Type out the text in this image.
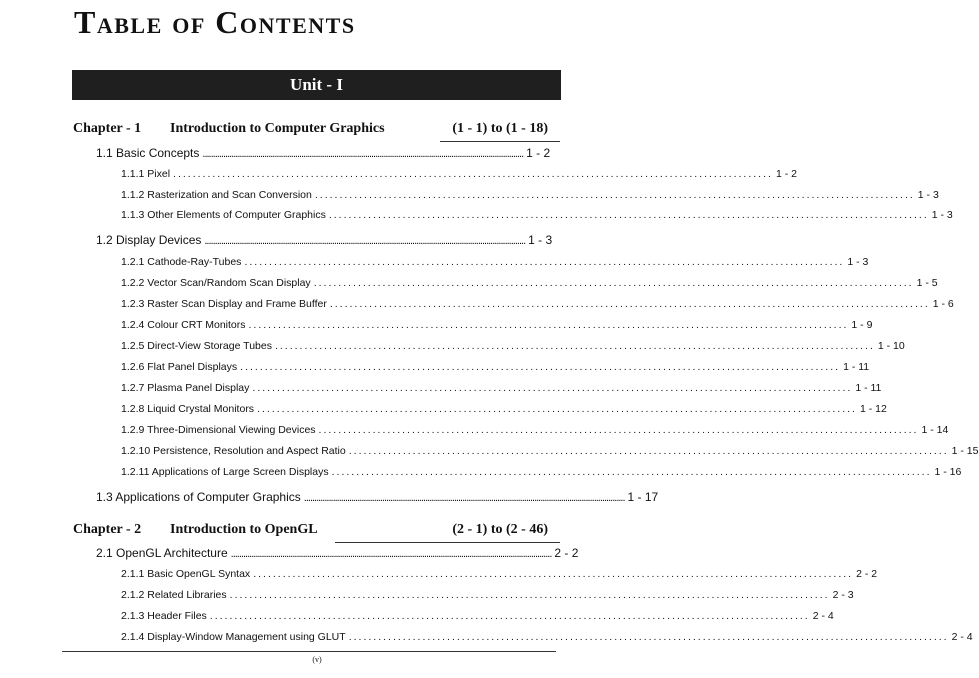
Table of Contents
Unit - I
Chapter - 1 Introduction to Computer Graphics	(1 - 1) to (1 - 18)
1.1 Basic Concepts ............................................................................................................................................................ 1 - 2
1.1.1 Pixel .......................................................................................................................... 1 - 2
1.1.2 Rasterization and Scan Conversion .......................................................................................................................... 1 - 3
1.1.3 Other Elements of Computer Graphics .......................................................................................................................... 1 - 3
1.2 Display Devices ............................................................................................................................................................ 1 - 3
1.2.1 Cathode-Ray-Tubes .......................................................................................................................... 1 - 3
1.2.2 Vector Scan/Random Scan Display .......................................................................................................................... 1 - 5
1.2.3 Raster Scan Display and Frame Buffer .......................................................................................................................... 1 - 6
1.2.4 Colour CRT Monitors .......................................................................................................................... 1 - 9
1.2.5 Direct-View Storage Tubes .......................................................................................................................... 1 - 10
1.2.6 Flat Panel Displays .......................................................................................................................... 1 - 11
1.2.7 Plasma Panel Display .......................................................................................................................... 1 - 11
1.2.8 Liquid Crystal Monitors .......................................................................................................................... 1 - 12
1.2.9 Three-Dimensional Viewing Devices .......................................................................................................................... 1 - 14
1.2.10 Persistence, Resolution and Aspect Ratio .......................................................................................................................... 1 - 15
1.2.11 Applications of Large Screen Displays .......................................................................................................................... 1 - 16
1.3 Applications of Computer Graphics ............................................................................................................................................................ 1 - 17
Chapter - 2 Introduction to OpenGL	(2 - 1) to (2 - 46)
2.1 OpenGL Architecture ............................................................................................................................................................ 2 - 2
2.1.1 Basic OpenGL Syntax .......................................................................................................................... 2 - 2
2.1.2 Related Libraries .......................................................................................................................... 2 - 3
2.1.3 Header Files .......................................................................................................................... 2 - 4
2.1.4 Display-Window Management using GLUT .......................................................................................................................... 2 - 4
(v)
